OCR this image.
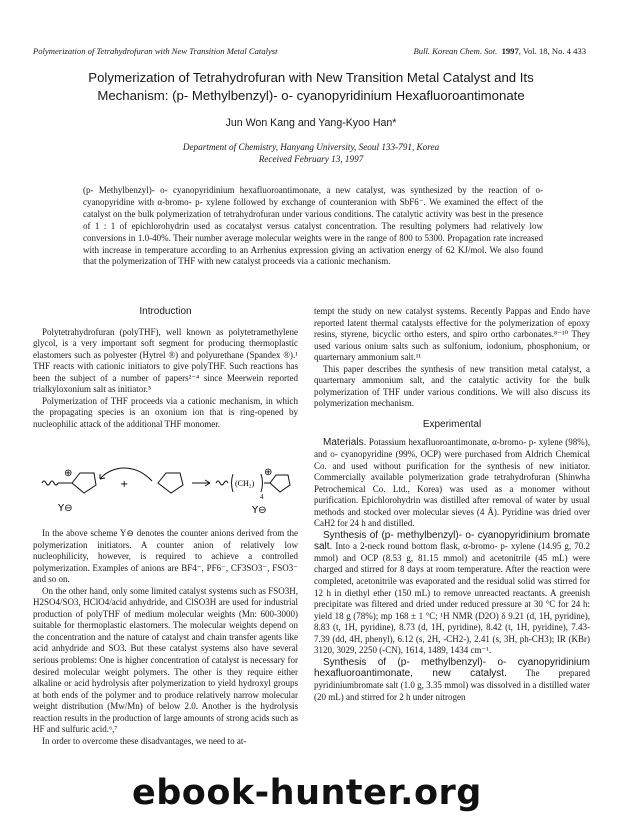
Polymerization of Tetrahydrofuran with New Transition Metal Catalyst	Bull. Korean Chem. Sot. 1997, Vol. 18, No. 4 433
Polymerization of Tetrahydrofuran with New Transition Metal Catalyst and Its
Mechanism: (p- Methylbenzyl)- o- cyanopyridinium Hexafluoroantimonate
Jun Won Kang and Yang-Kyoo Han*
Department of Chemistry, Hanyang University, Seoul 133-791, Korea
Received February 13, 1997
(p- Methylbenzyl)- o- cyanopyridinium hexafluoroantimonate, a new catalyst, was synthesized by the reaction of o- cyanopyridine with α-bromo- p- xylene followed by exchange of counteranion with SbF6⁻. We examined the effect of the catalyst on the bulk polymerization of tetrahydrofuran under various conditions. The catalytic activity was best in the presence of 1 : 1 of epichlorohydrin used as cocatalyst versus catalyst concentration. The resulting polymers had relatively low conversions in 1.0-40%. Their number average molecular weights were in the range of 800 to 5300. Propagation rate increased with increase in temperature according to an Arrhenius expression giving an activation energy of 62 KJ/mol. We also found that the polymerization of THF with new catalyst proceeds via a cationic mechanism.
Introduction

Polytetrahydrofuran (polyTHF), well known as polytetramethylene glycol, is a very important soft segment for producing thermoplastic elastomers such as polyester (Hytrel ®) and polyurethane (Spandex ®).¹ THF reacts with cationic initiators to give polyTHF. Such reactions has been the subject of a number of papers²⁻⁴ since Meerwein reported trialkyloxonium salt as initiator.⁵

Polymerization of THF proceeds via a cationic mechanism, in which the propagating species is an oxonium ion that is ring-opened by nucleophilic attack of the additional THF monomer.

⊕
+	(CH₂)
4
⊕
Y⊖	Y⊖

In the above scheme Y⊖ denotes the counter anions derived from the polymerization initiators. A counter anion of relatively low nucleophilicity, however, is required to achieve a controlled polymerization. Examples of anions are BF4⁻, PF6⁻, CF3SO3⁻, FSO3⁻ and so on.

On the other hand, only some limited catalyst systems such as FSO3H, H2SO4/SO3, HClO4/acid anhydride, and ClSO3H are used for industrial production of polyTHF of medium molecular weights (Mn: 600-3000) suitable for thermoplastic elastomers. The molecular weights depend on the concentration and the nature of catalyst and chain transfer agents like acid anhydride and SO3. But these catalyst systems also have several serious problems: One is higher concentration of catalyst is necessary for desired molecular weight polymers. The other is they require either alkaline or acid hydrolysis after polymerization to yield hydroxyl groups at both ends of the polymer and to produce relatively narrow molecular weight distribution (Mw/Mn) of below 2.0. Another is the hydrolysis reaction results in the production of large amounts of strong acids such as HF and sulfuric acid.⁶,⁷

In order to overcome these disadvantages, we need to at-

tempt the study on new catalyst systems. Recently Pappas and Endo have reported latent thermal catalysts effective for the polymerization of epoxy resins, styrene, bicyclic ortho esters, and spiro ortho carbonates.⁸⁻¹⁰ They used various onium salts such as sulfonium, iodonium, phosphonium, or quarternary ammonium salt.¹¹

This paper describes the synthesis of new transition metal catalyst, a quarternary ammonium salt, and the catalytic activity for the bulk polymerization of THF under various conditions. We will also discuss its polymerization mechanism.

Experimental

Materials. Potassium hexafluoroantimonate, α-bromo- p- xylene (98%), and o- cyanopyridine (99%, OCP) were purchased from Aldrich Chemical Co. and used without purification for the synthesis of new initiator. Commercially available polymerization grade tetrahydrofuran (Shinwha Petrochemical Co. Ltd., Korea) was used as a monomer without purification. Epichlorohydrin was distilled after removal of water by usual methods and stocked over molecular sieves (4 Å). Pyridine was dried over CaH2 for 24 h and distilled.

Synthesis of (p- methylbenzyl)- o- cyanopyridinium bromate salt. Into a 2-neck round bottom flask, α-bromo- p- xylene (14.95 g, 70.2 mmol) and OCP (8.53 g, 81.15 mmol) and acetonitrile (45 mL) were charged and stirred for 8 days at room temperature. After the reaction were completed, acetonitrile was evaporated and the residual solid was stirred for 12 h in diethyl ether (150 mL) to remove unreacted reactants. A greenish precipitate was filtered and dried under reduced pressure at 30 °C for 24 h: yield 18 g (78%); mp 168 ± 1 °C; ¹H NMR (D2O) δ 9.21 (d, 1H, pyridine), 8.83 (t, 1H, pyridine), 8.73 (d, 1H, pyridine), 8.42 (t, 1H, pyridine), 7.43-7.39 (dd, 4H, phenyl), 6.12 (s, 2H, -CH2-), 2.41 (s, 3H, ph-CH3); IR (KBr) 3120, 3029, 2250 (-CN), 1614, 1489, 1434 cm⁻¹.

Synthesis of (p- methylbenzyl)- o- cyanopyridinium hexafluoroantimonate, new catalyst. The prepared pyridiniumbromate salt (1.0 g, 3.35 mmol) was dissolved in a distilled water (20 mL) and stirred for 2 h under nitrogen

ebook-hunter.org
